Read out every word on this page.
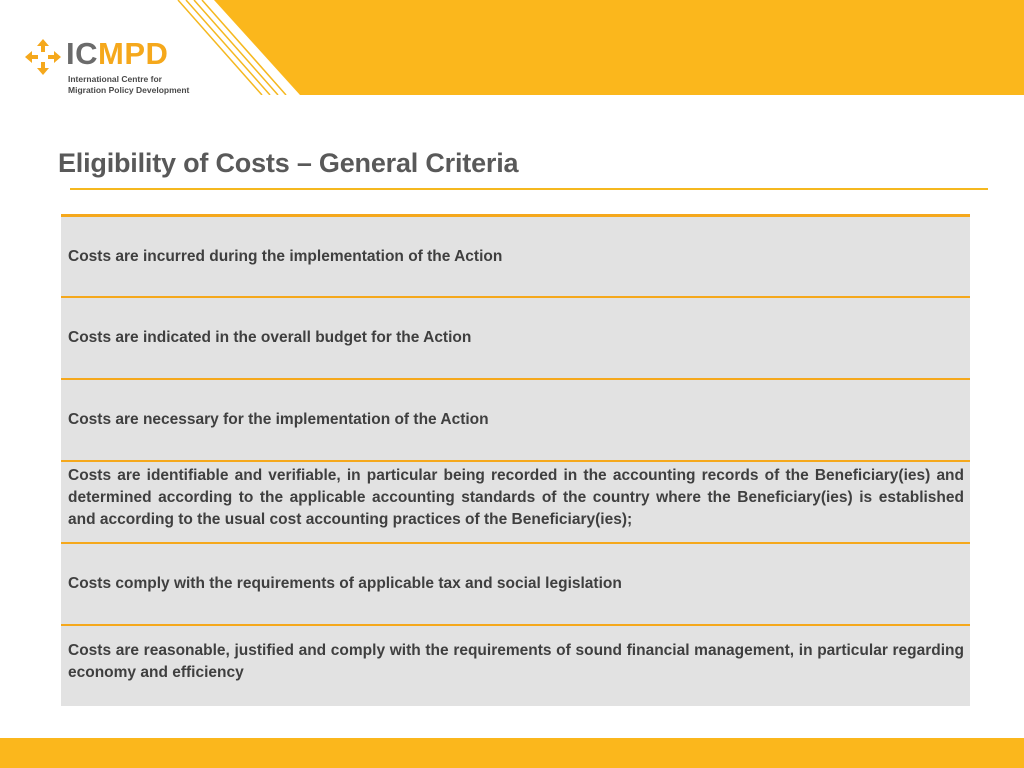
ICMPD
International Centre for
Migration Policy Development
Eligibility of Costs – General Criteria
Costs are incurred during the implementation of the Action
Costs are indicated in the overall budget for the Action
Costs are necessary for the implementation of the Action
Costs are identifiable and verifiable, in particular being recorded in the accounting records of the Beneficiary(ies) and determined according to the applicable accounting standards of the country where the Beneficiary(ies) is established and according to the usual cost accounting practices of the Beneficiary(ies);
Costs comply with the requirements of applicable tax and social legislation
Costs are reasonable, justified and comply with the requirements of sound financial management, in particular regarding economy and efficiency
